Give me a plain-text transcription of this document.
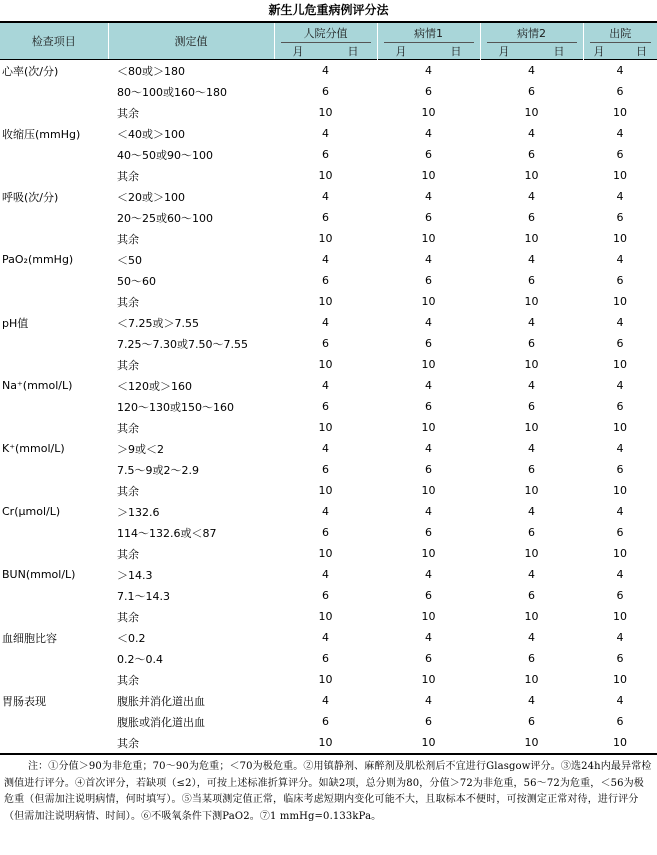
新生儿危重病例评分法
检查项目	测定值	人院分值	病情1	病情2	出院

		月 日	月 日	月 日	月 日

心率(次/分)	＜80或＞180	4	4	4	4
	80～100或160～180	6	6	6	6
	其余	10	10	10	10
收缩压(mmHg)	＜40或＞100	4	4	4	4
	40～50或90～100	6	6	6	6
	其余	10	10	10	10
呼吸(次/分)	＜20或＞100	4	4	4	4
	20～25或60～100	6	6	6	6
	其余	10	10	10	10
PaO₂(mmHg)	＜50	4	4	4	4
	50～60	6	6	6	6
	其余	10	10	10	10
pH值	＜7.25或＞7.55	4	4	4	4
	7.25～7.30或7.50～7.55	6	6	6	6
	其余	10	10	10	10
Na⁺(mmol/L)	＜120或＞160	4	4	4	4
	120～130或150～160	6	6	6	6
	其余	10	10	10	10
K⁺(mmol/L)	＞9或＜2	4	4	4	4
	7.5～9或2～2.9	6	6	6	6
	其余	10	10	10	10
Cr(μmol/L)	＞132.6	4	4	4	4
	114～132.6或＜87	6	6	6	6
	其余	10	10	10	10
BUN(mmol/L)	＞14.3	4	4	4	4
	7.1～14.3	6	6	6	6
	其余	10	10	10	10
血细胞比容	＜0.2	4	4	4	4
	0.2～0.4	6	6	6	6
	其余	10	10	10	10
胃肠表现	腹胀并消化道出血	4	4	4	4
	腹胀或消化道出血	6	6	6	6
	其余	10	10	10	10
注：①分值＞90为非危重；70～90为危重；＜70为极危重。②用镇静剂、麻醉剂及肌松剂后不宜进行Glasgow评分。③选24h内最异常检测值进行评分。④首次评分，若缺项（≤2），可按上述标准折算评分。如缺2项，总分则为80，分值＞72为非危重，56～72为危重，＜56为极危重（但需加注说明病情，何时填写）。⑤当某项测定值正常，临床考虑短期内变化可能不大，且取标本不便时，可按测定正常对待，进行评分（但需加注说明病情、时间）。⑥不吸氧条件下测PaO2。⑦1 mmHg=0.133kPa。
